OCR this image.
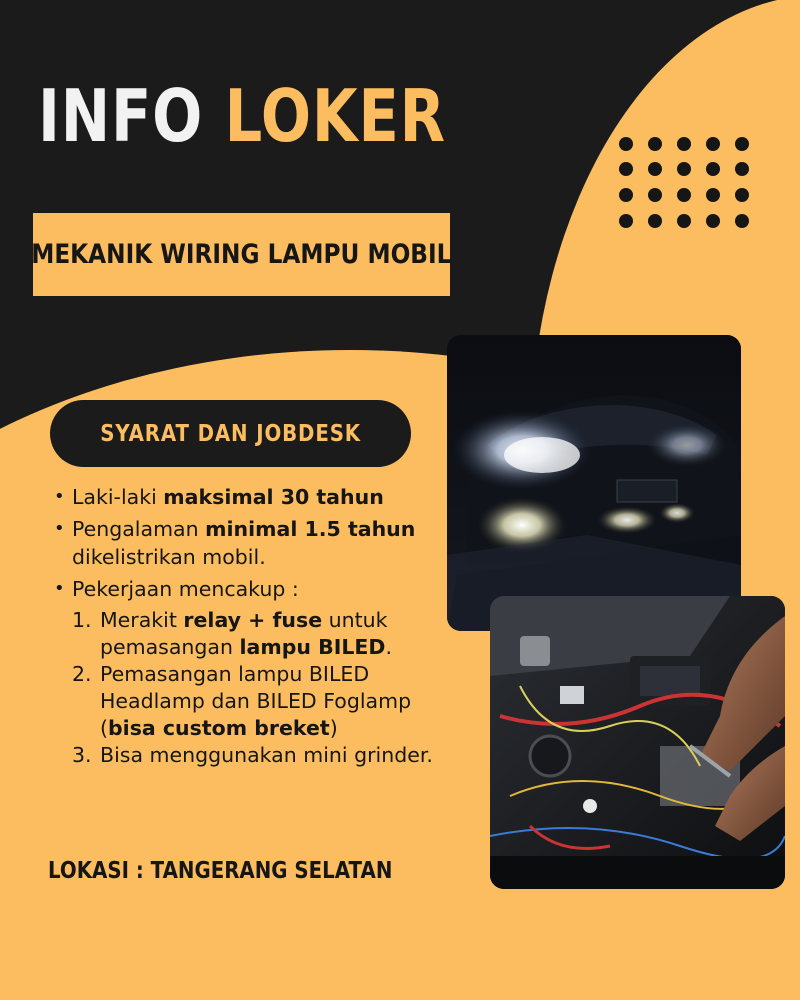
INFO LOKER
MEKANIK WIRING LAMPU MOBIL
SYARAT DAN JOBDESK
• Laki-laki maksimal 30 tahun
• Pengalaman minimal 1.5 tahun dikelistrikan mobil.
• Pekerjaan mencakup :
1. Merakit relay + fuse untuk pemasangan lampu BILED.
2. Pemasangan lampu BILED Headlamp dan BILED Foglamp (bisa custom breket)
3. Bisa menggunakan mini grinder.
LOKASI : TANGERANG SELATAN
